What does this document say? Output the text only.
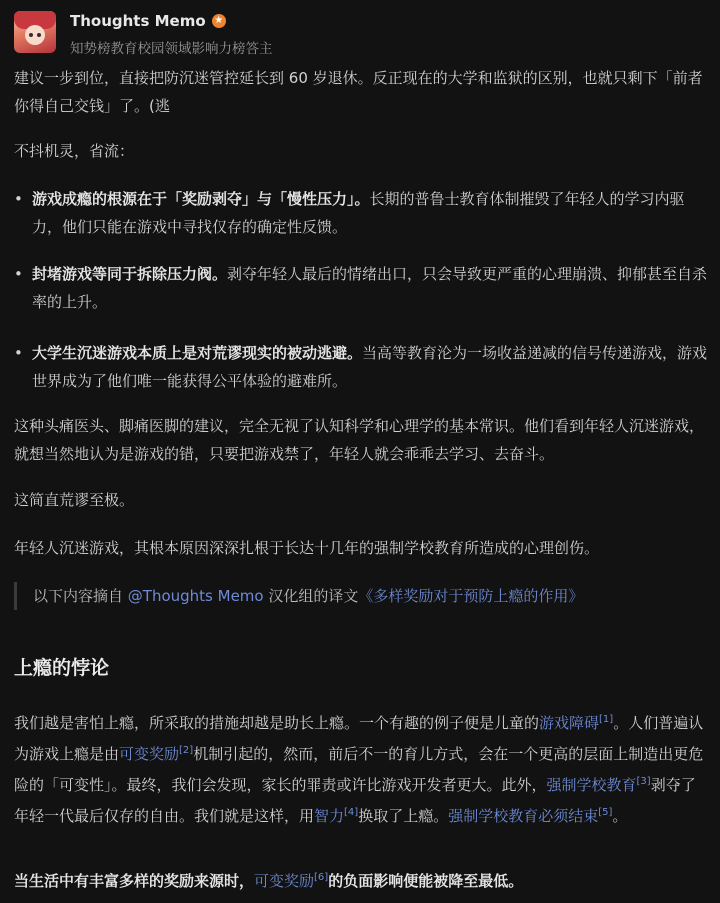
Thoughts Memo ★
知势榜教育校园领域影响力榜答主

建议一步到位，直接把防沉迷管控延长到 60 岁退休。反正现在的大学和监狱的区别，也就只剩下「前者你得自己交钱」了。(逃

不抖机灵，省流：

• 游戏成瘾的根源在于「奖励剥夺」与「慢性压力」。长期的普鲁士教育体制摧毁了年轻人的学习内驱力，他们只能在游戏中寻找仅存的确定性反馈。
• 封堵游戏等同于拆除压力阀。剥夺年轻人最后的情绪出口，只会导致更严重的心理崩溃、抑郁甚至自杀率的上升。
• 大学生沉迷游戏本质上是对荒谬现实的被动逃避。当高等教育沦为一场收益递减的信号传递游戏，游戏世界成为了他们唯一能获得公平体验的避难所。

这种头痛医头、脚痛医脚的建议，完全无视了认知科学和心理学的基本常识。他们看到年轻人沉迷游戏，就想当然地认为是游戏的错，只要把游戏禁了，年轻人就会乖乖去学习、去奋斗。

这简直荒谬至极。

年轻人沉迷游戏，其根本原因深深扎根于长达十几年的强制学校教育所造成的心理创伤。

以下内容摘自 @Thoughts Memo 汉化组的译文《多样奖励对于预防上瘾的作用》
上瘾的悖论

我们越是害怕上瘾，所采取的措施却越是助长上瘾。一个有趣的例子便是儿童的游戏障碍[1]。人们普遍认为游戏上瘾是由可变奖励[2]机制引起的，然而，前后不一的育儿方式，会在一个更高的层面上制造出更危险的「可变性」。最终，我们会发现，家长的罪责或许比游戏开发者更大。此外，强制学校教育[3]剥夺了年轻一代最后仅存的自由。我们就是这样，用智力[4]换取了上瘾。强制学校教育必须结束[5]。

当生活中有丰富多样的奖励来源时，可变奖励[6]的负面影响便能被降至最低。
